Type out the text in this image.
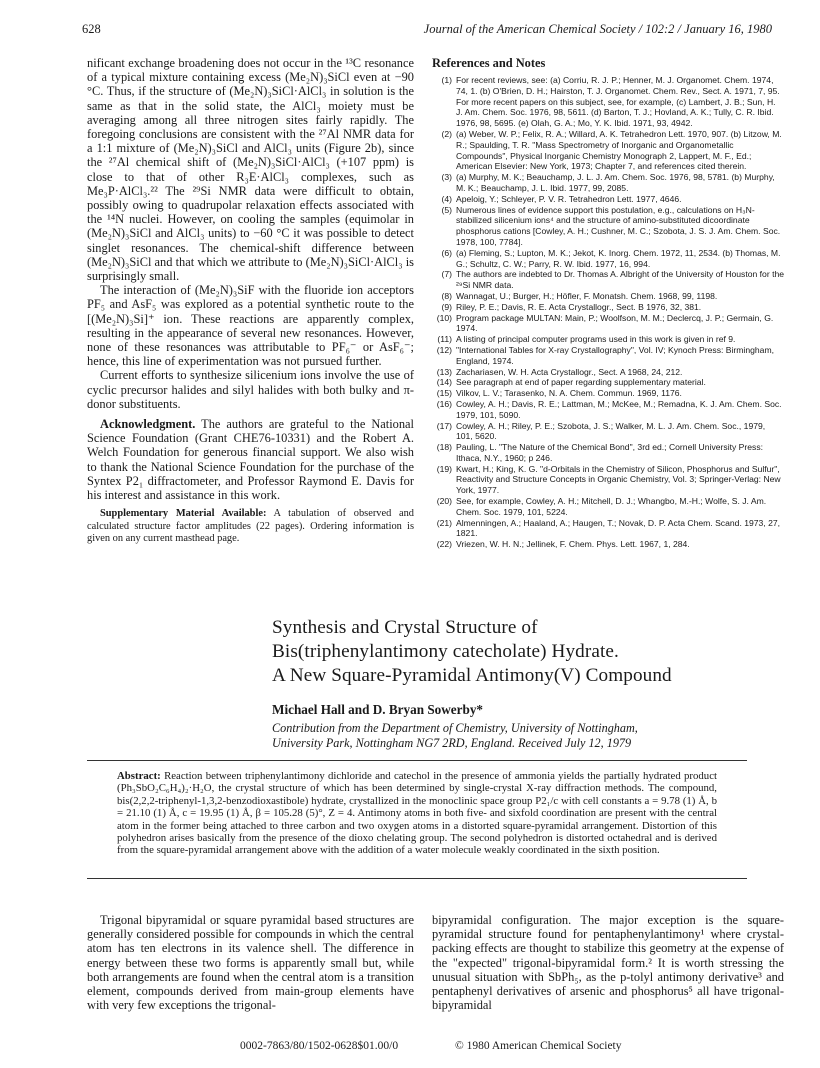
628	Journal of the American Chemical Society / 102:2 / January 16, 1980

nificant exchange broadening does not occur in the ¹³C resonance of a typical mixture containing excess (Me₂N)₃SiCl even at −90 °C. Thus, if the structure of (Me₂N)₃SiCl·AlCl₃ in solution is the same as that in the solid state, the AlCl₃ moiety must be averaging among all three nitrogen sites fairly rapidly. The foregoing conclusions are consistent with the ²⁷Al NMR data for a 1:1 mixture of (Me₂N)₃SiCl and AlCl₃ units (Figure 2b), since the ²⁷Al chemical shift of (Me₂N)₃SiCl·AlCl₃ (+107 ppm) is close to that of other R₃E·AlCl₃ complexes, such as Me₃P·AlCl₃.²² The ²⁹Si NMR data were difficult to obtain, possibly owing to quadrupolar relaxation effects associated with the ¹⁴N nuclei. However, on cooling the samples (equimolar in (Me₂N)₃SiCl and AlCl₃ units) to −60 °C it was possible to detect singlet resonances. The chemical-shift difference between (Me₂N)₃SiCl and that which we attribute to (Me₂N)₃SiCl·AlCl₃ is surprisingly small.

The interaction of (Me₂N)₃SiF with the fluoride ion acceptors PF₅ and AsF₅ was explored as a potential synthetic route to the [(Me₂N)₃Si]⁺ ion. These reactions are apparently complex, resulting in the appearance of several new resonances. However, none of these resonances was attributable to PF₆⁻ or AsF₆⁻; hence, this line of experimentation was not pursued further.

Current efforts to synthesize silicenium ions involve the use of cyclic precursor halides and silyl halides with both bulky and π-donor substituents.

Acknowledgment. The authors are grateful to the National Science Foundation (Grant CHE76-10331) and the Robert A. Welch Foundation for generous financial support. We also wish to thank the National Science Foundation for the purchase of the Syntex P2₁ diffractometer, and Professor Raymond E. Davis for his interest and assistance in this work.

Supplementary Material Available: A tabulation of observed and calculated structure factor amplitudes (22 pages). Ordering information is given on any current masthead page.

References and Notes
(1) For recent reviews, see: (a) Corriu, R. J. P.; Henner, M. J. Organomet. Chem. 1974, 74, 1. (b) O'Brien, D. H.; Hairston, T. J. Organomet. Chem. Rev., Sect. A. 1971, 7, 95. For more recent papers on this subject, see, for example, (c) Lambert, J. B.; Sun, H. J. Am. Chem. Soc. 1976, 98, 5611. (d) Barton, T. J.; Hovland, A. K.; Tully, C. R. Ibid. 1976, 98, 5695. (e) Olah, G. A.; Mo, Y. K. Ibid. 1971, 93, 4942.
(2) (a) Weber, W. P.; Felix, R. A.; Willard, A. K. Tetrahedron Lett. 1970, 907. (b) Litzow, M. R.; Spaulding, T. R. "Mass Spectrometry of Inorganic and Organometallic Compounds", Physical Inorganic Chemistry Monograph 2, Lappert, M. F., Ed.; American Elsevier: New York, 1973; Chapter 7, and references cited therein.
(3) (a) Murphy, M. K.; Beauchamp, J. L. J. Am. Chem. Soc. 1976, 98, 5781. (b) Murphy, M. K.; Beauchamp, J. L. Ibid. 1977, 99, 2085.
(4) Apeloig, Y.; Schleyer, P. V. R. Tetrahedron Lett. 1977, 4646.
(5) Numerous lines of evidence support this postulation, e.g., calculations on H₃N-stabilized silicenium ions⁴ and the structure of amino-substituted dicoordinate phosphorus cations [Cowley, A. H.; Cushner, M. C.; Szobota, J. S. J. Am. Chem. Soc. 1978, 100, 7784].
(6) (a) Fleming, S.; Lupton, M. K.; Jekot, K. Inorg. Chem. 1972, 11, 2534. (b) Thomas, M. G.; Schultz, C. W.; Parry, R. W. Ibid. 1977, 16, 994.
(7) The authors are indebted to Dr. Thomas A. Albright of the University of Houston for the ²⁹Si NMR data.
(8) Wannagat, U.; Burger, H.; Höfler, F. Monatsh. Chem. 1968, 99, 1198.
(9) Riley, P. E.; Davis, R. E. Acta Crystallogr., Sect. B 1976, 32, 381.
(10) Program package MULTAN: Main, P.; Woolfson, M. M.; Declercq, J. P.; Germain, G. 1974.
(11) A listing of principal computer programs used in this work is given in ref 9.
(12) "International Tables for X-ray Crystallography", Vol. IV; Kynoch Press: Birmingham, England, 1974.
(13) Zachariasen, W. H. Acta Crystallogr., Sect. A 1968, 24, 212.
(14) See paragraph at end of paper regarding supplementary material.
(15) Vilkov, L. V.; Tarasenko, N. A. Chem. Commun. 1969, 1176.
(16) Cowley, A. H.; Davis, R. E.; Lattman, M.; McKee, M.; Remadna, K. J. Am. Chem. Soc. 1979, 101, 5090.
(17) Cowley, A. H.; Riley, P. E.; Szobota, J. S.; Walker, M. L. J. Am. Chem. Soc., 1979, 101, 5620.
(18) Pauling, L. "The Nature of the Chemical Bond", 3rd ed.; Cornell University Press: Ithaca, N.Y., 1960; p 246.
(19) Kwart, H.; King, K. G. "d-Orbitals in the Chemistry of Silicon, Phosphorus and Sulfur", Reactivity and Structure Concepts in Organic Chemistry, Vol. 3; Springer-Verlag: New York, 1977.
(20) See, for example, Cowley, A. H.; Mitchell, D. J.; Whangbo, M.-H.; Wolfe, S. J. Am. Chem. Soc. 1979, 101, 5224.
(21) Almenningen, A.; Haaland, A.; Haugen, T.; Novak, D. P. Acta Chem. Scand. 1973, 27, 1821.
(22) Vriezen, W. H. N.; Jellinek, F. Chem. Phys. Lett. 1967, 1, 284.
Synthesis and Crystal Structure of
Bis(triphenylantimony catecholate) Hydrate.
A New Square-Pyramidal Antimony(V) Compound
Michael Hall and D. Bryan Sowerby*
Contribution from the Department of Chemistry, University of Nottingham,
University Park, Nottingham NG7 2RD, England. Received July 12, 1979
Abstract: Reaction between triphenylantimony dichloride and catechol in the presence of ammonia yields the partially hydrated product (Ph₃SbO₂C₆H₄)₂·H₂O, the crystal structure of which has been determined by single-crystal X-ray diffraction methods. The compound, bis(2,2,2-triphenyl-1,3,2-benzodioxastibole) hydrate, crystallized in the monoclinic space group P2₁/c with cell constants a = 9.78 (1) Å, b = 21.10 (1) Å, c = 19.95 (1) Å, β = 105.28 (5)°, Z = 4. Antimony atoms in both five- and sixfold coordination are present with the central atom in the former being attached to three carbon and two oxygen atoms in a distorted square-pyramidal arrangement. Distortion of this polyhedron arises basically from the presence of the dioxo chelating group. The second polyhedron is distorted octahedral and is derived from the square-pyramidal arrangement above with the addition of a water molecule weakly coordinated in the sixth position.

Trigonal bipyramidal or square pyramidal based structures are generally considered possible for compounds in which the central atom has ten electrons in its valence shell. The difference in energy between these two forms is apparently small but, while both arrangements are found when the central atom is a transition element, compounds derived from main-group elements have with very few exceptions the trigonal-

bipyramidal configuration. The major exception is the square-pyramidal structure found for pentaphenylantimony¹ where crystal-packing effects are thought to stabilize this geometry at the expense of the "expected" trigonal-bipyramidal form.² It is worth stressing the unusual situation with SbPh₅, as the p-tolyl antimony derivative³ and pentaphenyl derivatives of arsenic and phosphorus⁵ all have trigonal-bipyramidal

0002-7863/80/1502-0628$01.00/0	© 1980 American Chemical Society
